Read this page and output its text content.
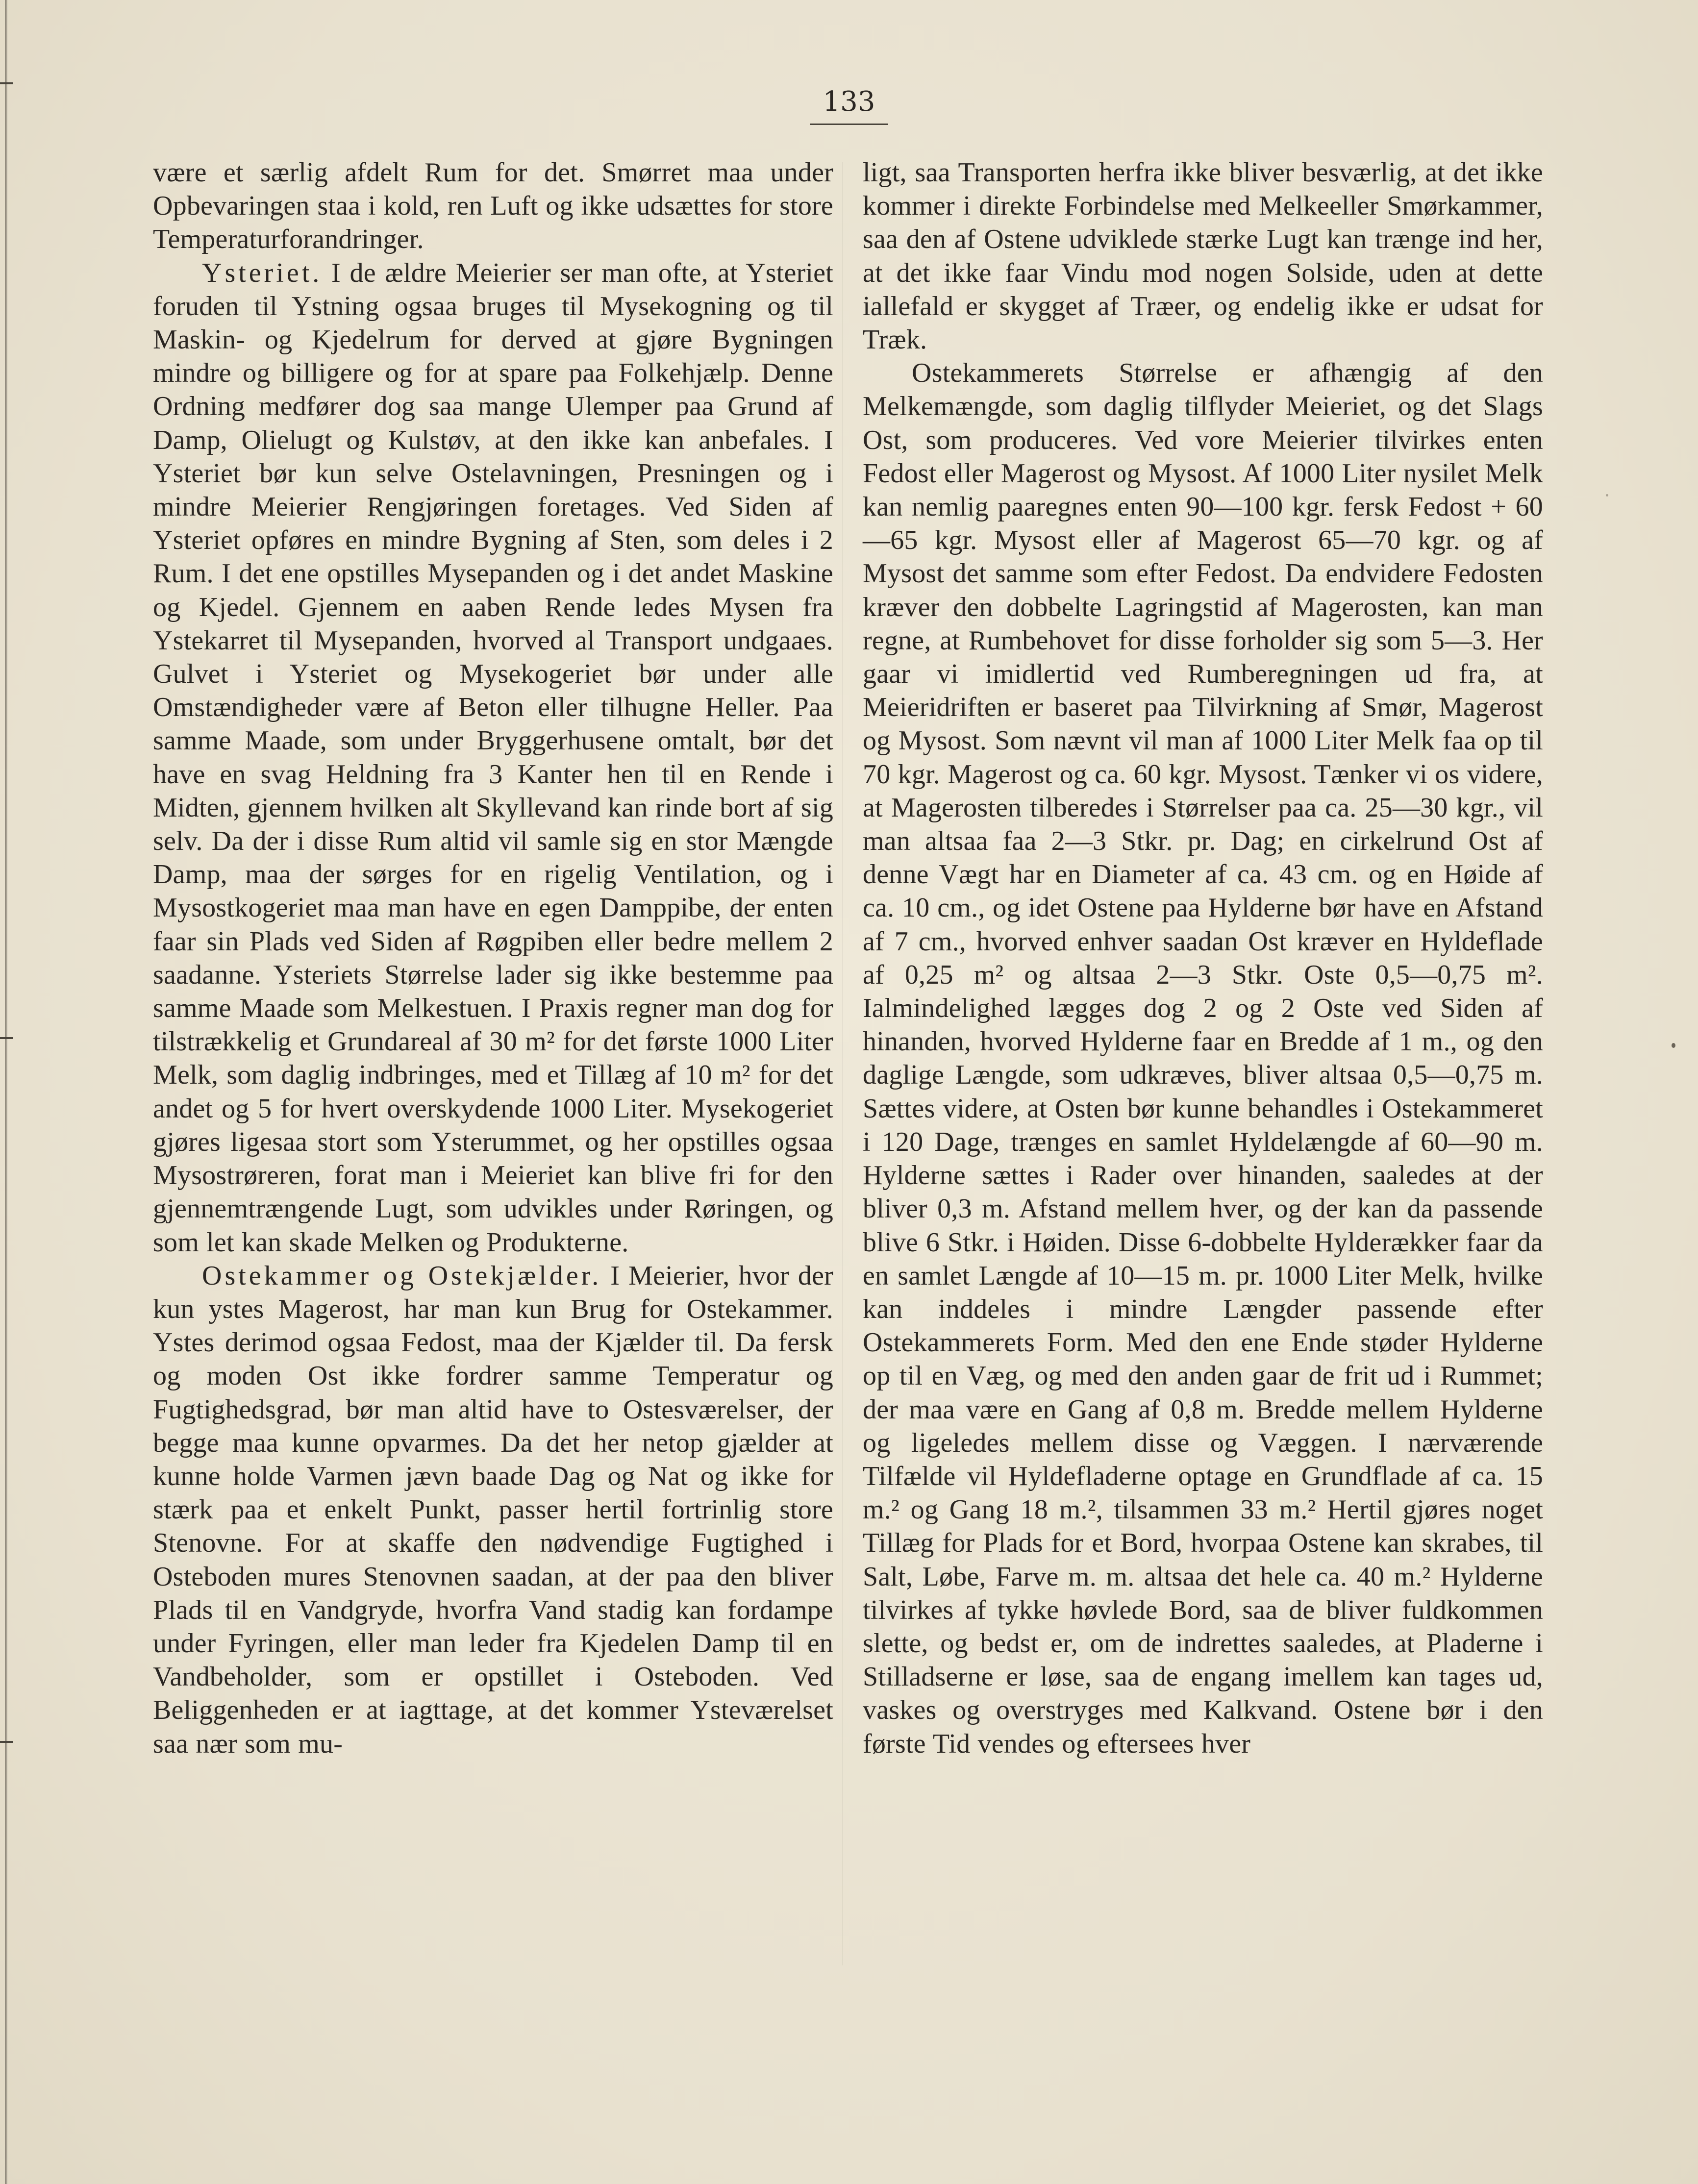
133

være et særlig afdelt Rum for det. Smørret maa under Opbevaringen staa i kold, ren Luft og ikke udsættes for store Temperaturforandringer.

Ysteriet. I de ældre Meierier ser man ofte, at Ysteriet foruden til Ystning ogsaa bruges til Mysekogning og til Maskin- og Kjedelrum for derved at gjøre Bygningen mindre og billigere og for at spare paa Folkehjælp. Denne Ordning medfører dog saa mange Ulemper paa Grund af Damp, Olielugt og Kulstøv, at den ikke kan anbefales. I Ysteriet bør kun selve Ostelavningen, Presningen og i mindre Meierier Rengjøringen foretages. Ved Siden af Ysteriet opføres en mindre Bygning af Sten, som deles i 2 Rum. I det ene opstilles Mysepanden og i det andet Maskine og Kjedel. Gjennem en aaben Rende ledes Mysen fra Ystekarret til Mysepanden, hvorved al Transport undgaaes. Gulvet i Ysteriet og Mysekogeriet bør under alle Omstændigheder være af Beton eller tilhugne Heller. Paa samme Maade, som under Bryggerhusene omtalt, bør det have en svag Heldning fra 3 Kanter hen til en Rende i Midten, gjennem hvilken alt Skyllevand kan rinde bort af sig selv. Da der i disse Rum altid vil samle sig en stor Mængde Damp, maa der sørges for en rigelig Ventilation, og i Mysostkogeriet maa man have en egen Damppibe, der enten faar sin Plads ved Siden af Røgpiben eller bedre mellem 2 saadanne. Ysteriets Størrelse lader sig ikke bestemme paa samme Maade som Melkestuen. I Praxis regner man dog for tilstrækkelig et Grundareal af 30 m² for det første 1000 Liter Melk, som daglig indbringes, med et Tillæg af 10 m² for det andet og 5 for hvert overskydende 1000 Liter. Mysekogeriet gjøres ligesaa stort som Ysterummet, og her opstilles ogsaa Mysostrøreren, forat man i Meieriet kan blive fri for den gjennemtrængende Lugt, som udvikles under Røringen, og som let kan skade Melken og Produkterne.

Ostekammer og Ostekjælder. I Meierier, hvor der kun ystes Magerost, har man kun Brug for Ostekammer. Ystes derimod ogsaa Fedost, maa der Kjælder til. Da fersk og moden Ost ikke fordrer samme Temperatur og Fugtighedsgrad, bør man altid have to Ostesværelser, der begge maa kunne opvarmes. Da det her netop gjælder at kunne holde Varmen jævn baade Dag og Nat og ikke for stærk paa et enkelt Punkt, passer hertil fortrinlig store Stenovne. For at skaffe den nødvendige Fugtighed i Osteboden mures Stenovnen saadan, at der paa den bliver Plads til en Vandgryde, hvorfra Vand stadig kan fordampe under Fyringen, eller man leder fra Kjedelen Damp til en Vandbeholder, som er opstillet i Osteboden. Ved Beliggenheden er at iagttage, at det kommer Ysteværelset saa nær som mu-

ligt, saa Transporten herfra ikke bliver besværlig, at det ikke kommer i direkte Forbindelse med Melkeeller Smørkammer, saa den af Ostene udviklede stærke Lugt kan trænge ind her, at det ikke faar Vindu mod nogen Solside, uden at dette iallefald er skygget af Træer, og endelig ikke er udsat for Træk.

Ostekammerets Størrelse er afhængig af den Melkemængde, som daglig tilflyder Meieriet, og det Slags Ost, som produceres. Ved vore Meierier tilvirkes enten Fedost eller Magerost og Mysost. Af 1000 Liter nysilet Melk kan nemlig paaregnes enten 90—100 kgr. fersk Fedost + 60—65 kgr. Mysost eller af Magerost 65—70 kgr. og af Mysost det samme som efter Fedost. Da endvidere Fedosten kræver den dobbelte Lagringstid af Magerosten, kan man regne, at Rumbehovet for disse forholder sig som 5—3. Her gaar vi imidlertid ved Rumberegningen ud fra, at Meieridriften er baseret paa Tilvirkning af Smør, Magerost og Mysost. Som nævnt vil man af 1000 Liter Melk faa op til 70 kgr. Magerost og ca. 60 kgr. Mysost. Tænker vi os videre, at Magerosten tilberedes i Størrelser paa ca. 25—30 kgr., vil man altsaa faa 2—3 Stkr. pr. Dag; en cirkelrund Ost af denne Vægt har en Diameter af ca. 43 cm. og en Høide af ca. 10 cm., og idet Ostene paa Hylderne bør have en Afstand af 7 cm., hvorved enhver saadan Ost kræver en Hyldeflade af 0,25 m² og altsaa 2—3 Stkr. Oste 0,5—0,75 m². Ialmindelighed lægges dog 2 og 2 Oste ved Siden af hinanden, hvorved Hylderne faar en Bredde af 1 m., og den daglige Længde, som udkræves, bliver altsaa 0,5—0,75 m. Sættes videre, at Osten bør kunne behandles i Ostekammeret i 120 Dage, trænges en samlet Hyldelængde af 60—90 m. Hylderne sættes i Rader over hinanden, saaledes at der bliver 0,3 m. Afstand mellem hver, og der kan da passende blive 6 Stkr. i Høiden. Disse 6-dobbelte Hylderækker faar da en samlet Længde af 10—15 m. pr. 1000 Liter Melk, hvilke kan inddeles i mindre Længder passende efter Ostekammerets Form. Med den ene Ende støder Hylderne op til en Væg, og med den anden gaar de frit ud i Rummet; der maa være en Gang af 0,8 m. Bredde mellem Hylderne og ligeledes mellem disse og Væggen. I nærværende Tilfælde vil Hyldefladerne optage en Grundflade af ca. 15 m.² og Gang 18 m.², tilsammen 33 m.² Hertil gjøres noget Tillæg for Plads for et Bord, hvorpaa Ostene kan skrabes, til Salt, Løbe, Farve m. m. altsaa det hele ca. 40 m.² Hylderne tilvirkes af tykke høvlede Bord, saa de bliver fuldkommen slette, og bedst er, om de indrettes saaledes, at Pladerne i Stilladserne er løse, saa de engang imellem kan tages ud, vaskes og overstryges med Kalkvand. Ostene bør i den første Tid vendes og eftersees hver
